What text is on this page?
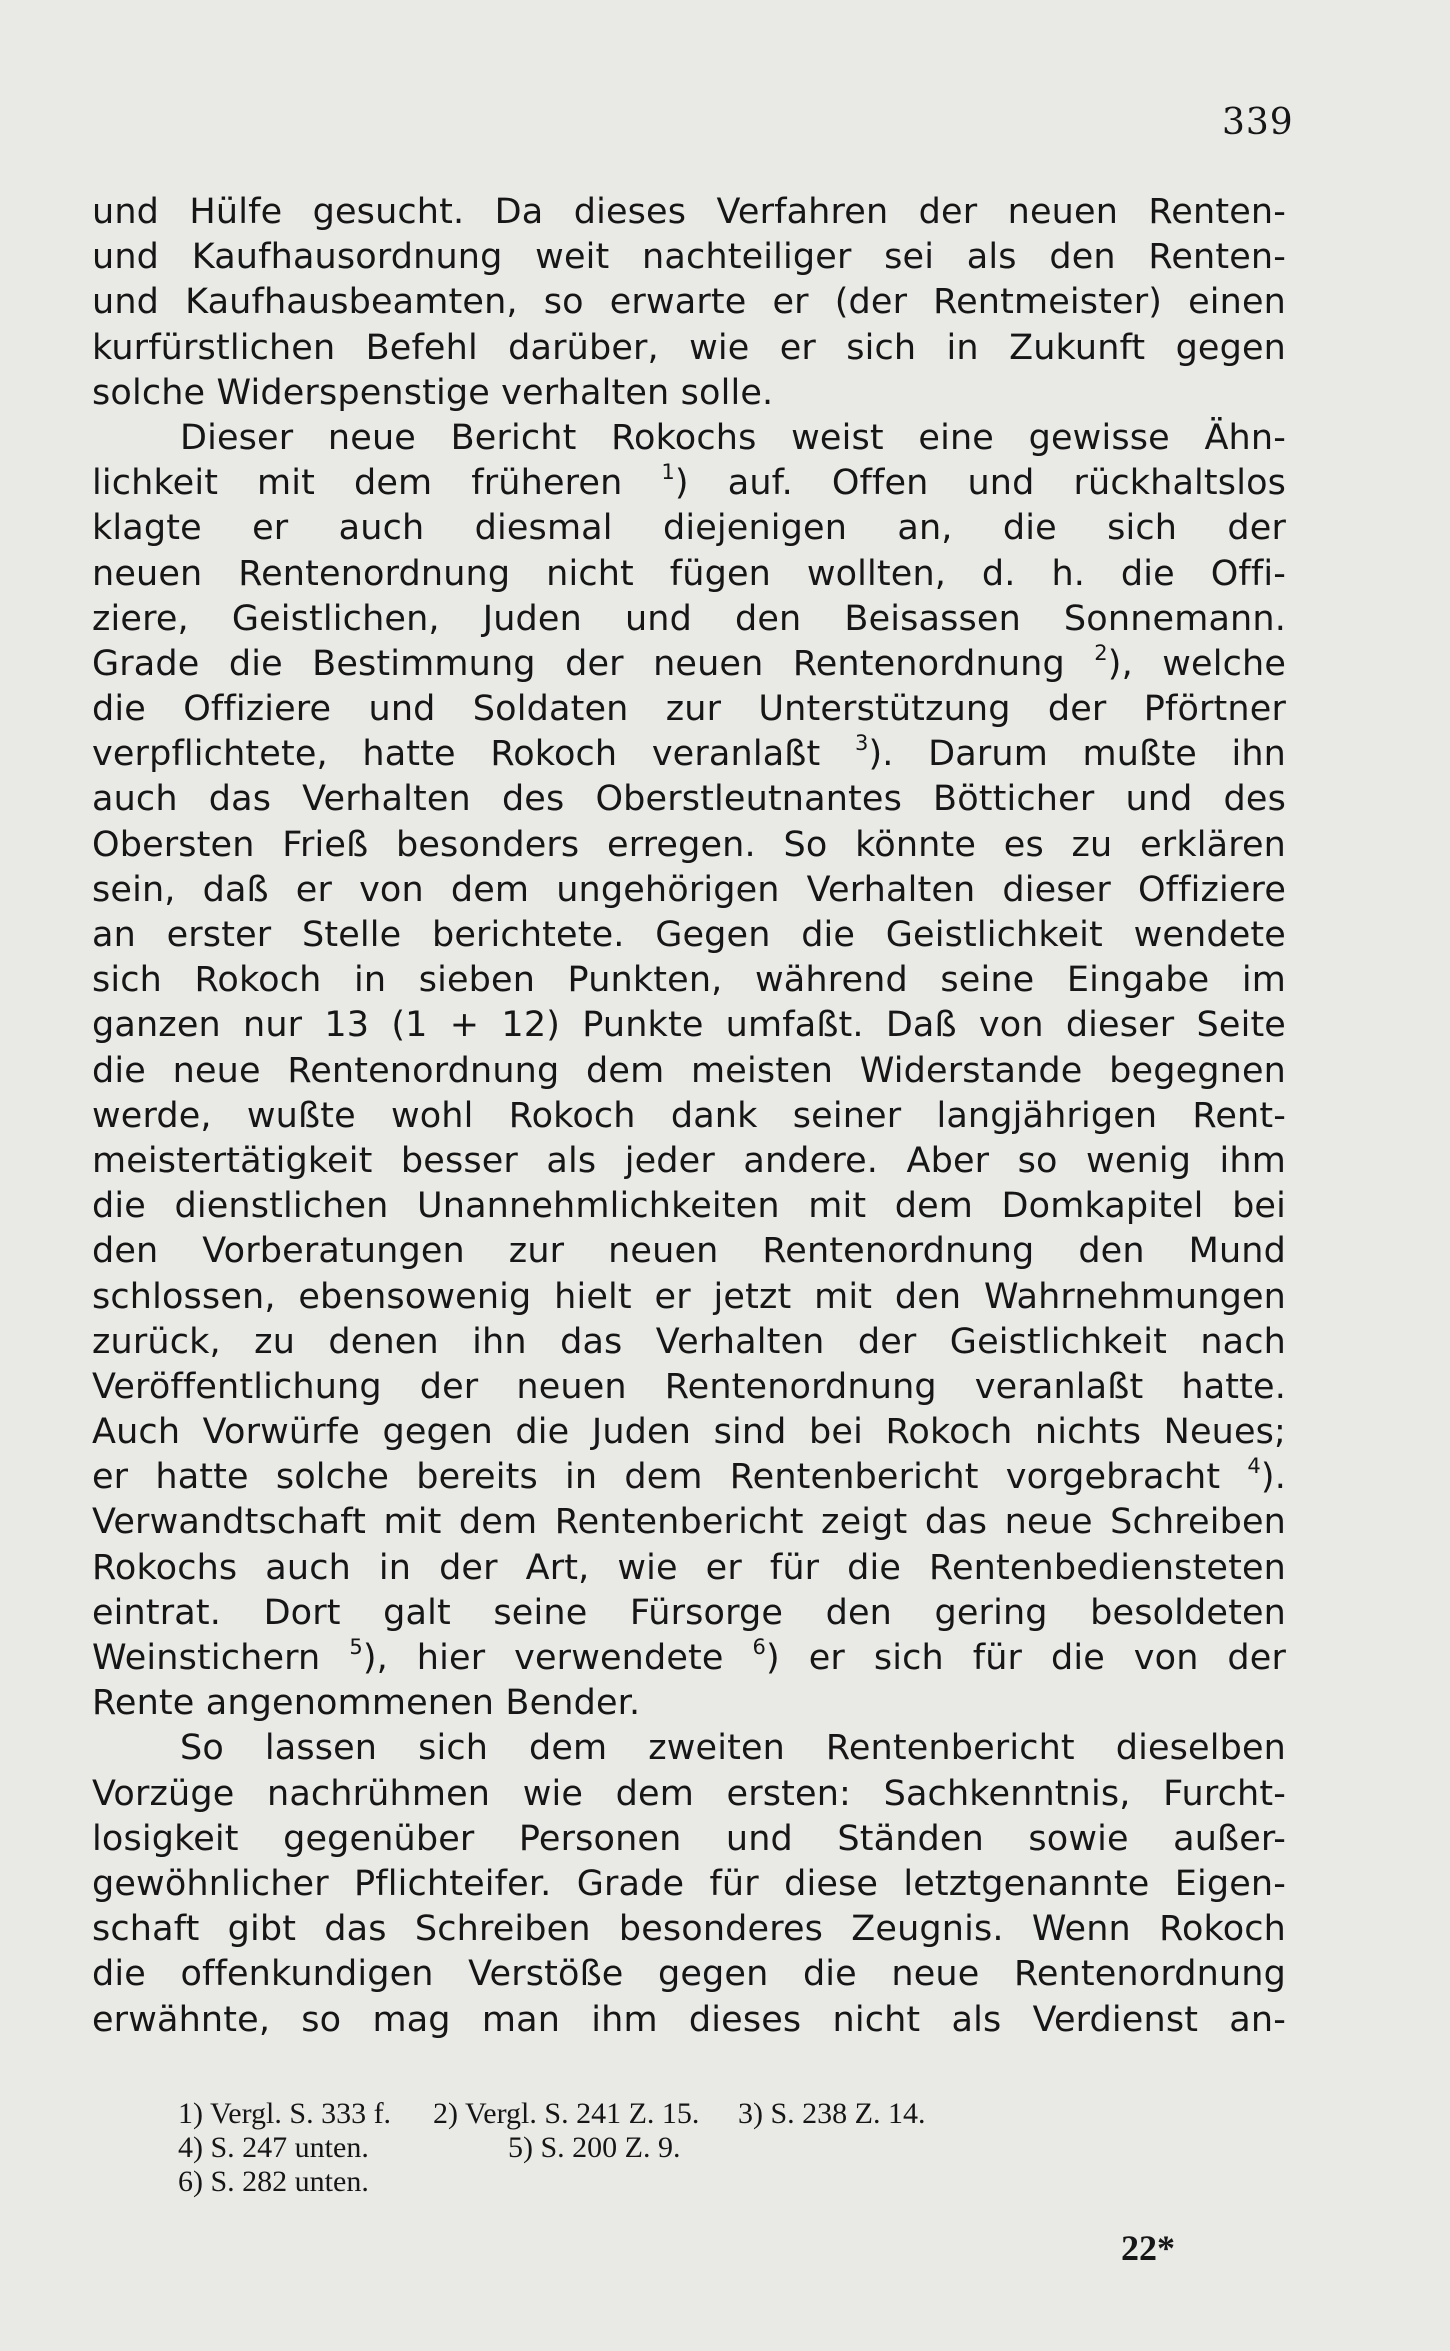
339
und Hülfe gesucht. Da dieses Verfahren der neuen Renten-
und Kaufhausordnung weit nachteiliger sei als den Renten-
und Kaufhausbeamten, so erwarte er (der Rentmeister) einen
kurfürstlichen Befehl darüber, wie er sich in Zukunft gegen
solche Widerspenstige verhalten solle.
Dieser neue Bericht Rokochs weist eine gewisse Ähn-
lichkeit mit dem früheren $^1$) auf. Offen und rückhaltslos
klagte er auch diesmal diejenigen an, die sich der
neuen Rentenordnung nicht fügen wollten, d. h. die Offi-
ziere, Geistlichen, Juden und den Beisassen Sonnemann.
Grade die Bestimmung der neuen Rentenordnung $^2$), welche
die Offiziere und Soldaten zur Unterstützung der Pförtner
verpflichtete, hatte Rokoch veranlaßt $^3$). Darum mußte ihn
auch das Verhalten des Oberstleutnantes Bötticher und des
Obersten Frieß besonders erregen. So könnte es zu erklären
sein, daß er von dem ungehörigen Verhalten dieser Offiziere
an erster Stelle berichtete. Gegen die Geistlichkeit wendete
sich Rokoch in sieben Punkten, während seine Eingabe im
ganzen nur 13 (1 + 12) Punkte umfaßt. Daß von dieser Seite
die neue Rentenordnung dem meisten Widerstande begegnen
werde, wußte wohl Rokoch dank seiner langjährigen Rent-
meistertätigkeit besser als jeder andere. Aber so wenig ihm
die dienstlichen Unannehmlichkeiten mit dem Domkapitel bei
den Vorberatungen zur neuen Rentenordnung den Mund
schlossen, ebensowenig hielt er jetzt mit den Wahrnehmungen
zurück, zu denen ihn das Verhalten der Geistlichkeit nach
Veröffentlichung der neuen Rentenordnung veranlaßt hatte.
Auch Vorwürfe gegen die Juden sind bei Rokoch nichts Neues;
er hatte solche bereits in dem Rentenbericht vorgebracht $^4$).
Verwandtschaft mit dem Rentenbericht zeigt das neue Schreiben
Rokochs auch in der Art, wie er für die Rentenbediensteten
eintrat. Dort galt seine Fürsorge den gering besoldeten
Weinstichern $^5$), hier verwendete $^6$) er sich für die von der
Rente angenommenen Bender.
So lassen sich dem zweiten Rentenbericht dieselben
Vorzüge nachrühmen wie dem ersten: Sachkenntnis, Furcht-
losigkeit gegenüber Personen und Ständen sowie außer-
gewöhnlicher Pflichteifer. Grade für diese letztgenannte Eigen-
schaft gibt das Schreiben besonderes Zeugnis. Wenn Rokoch
die offenkundigen Verstöße gegen die neue Rentenordnung
erwähnte, so mag man ihm dieses nicht als Verdienst an-
1) Vergl. S. 333 f. 2) Vergl. S. 241 Z. 15. 3) S. 238 Z. 14.
4) S. 247 unten.	5) S. 200 Z. 9.
6) S. 282 unten.
22*
